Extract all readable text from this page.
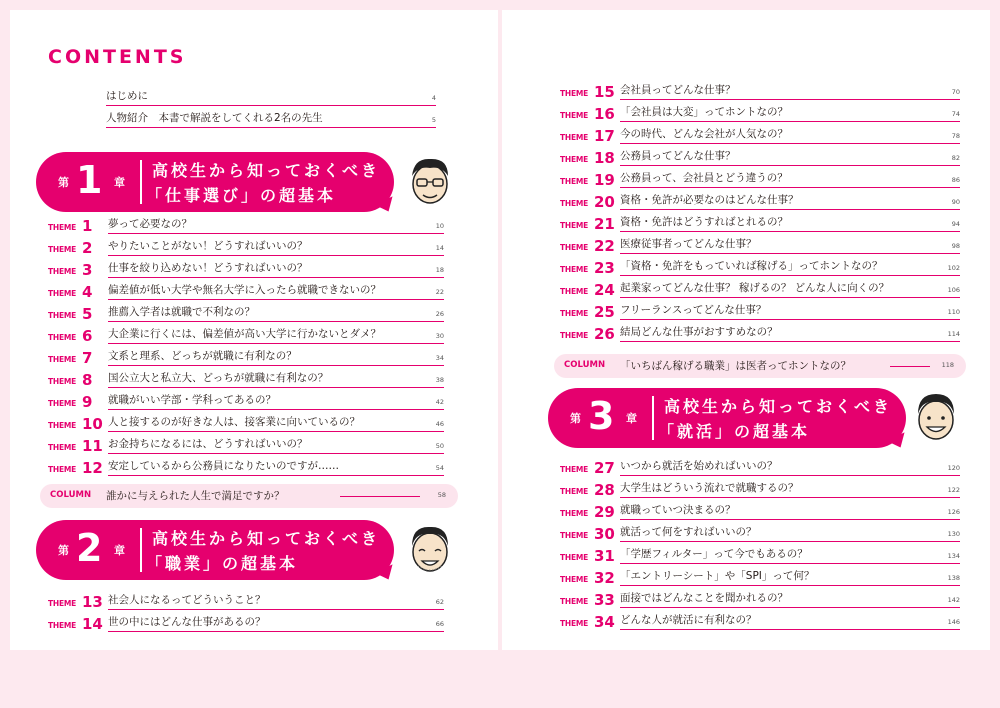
CONTENTS
はじめに	4
人物紹介　本書で解説をしてくれる2名の先生	5
第 1 章
高校生から知っておくべき
「仕事選び」の超基本
THEME 1	夢って必要なの？	10
THEME 2	やりたいことがない！どうすればいいの？	14
THEME 3	仕事を絞り込めない！どうすればいいの？	18
THEME 4	偏差値が低い大学や無名大学に入ったら就職できないの？	22
THEME 5	推薦入学者は就職で不利なの？	26
THEME 6	大企業に行くには、偏差値が高い大学に行かないとダメ？	30
THEME 7	文系と理系、どっちが就職に有利なの？	34
THEME 8	国公立大と私立大、どっちが就職に有利なの？	38
THEME 9	就職がいい学部・学科ってあるの？	42
THEME 10 人と接するのが好きな人は、接客業に向いているの？	46
THEME 11 お金持ちになるには、どうすればいいの？	50
THEME 12 安定しているから公務員になりたいのですが……	54
COLUMN 誰かに与えられた人生で満足ですか？	58
第 2 章
高校生から知っておくべき
「職業」の超基本
THEME 13 社会人になるってどういうこと？	62
THEME 14 世の中にはどんな仕事があるの？	66
THEME 15 会社員ってどんな仕事？	70
THEME 16 「会社員は大変」ってホントなの？	74
THEME 17 今の時代、どんな会社が人気なの？	78
THEME 18 公務員ってどんな仕事？	82
THEME 19 公務員って、会社員とどう違うの？	86
THEME 20 資格・免許が必要なのはどんな仕事？	90
THEME 21 資格・免許はどうすればとれるの？	94
THEME 22 医療従事者ってどんな仕事？	98
THEME 23 「資格・免許をもっていれば稼げる」ってホントなの？	102
THEME 24 起業家ってどんな仕事？ 稼げるの？ どんな人に向くの？	106
THEME 25 フリーランスってどんな仕事？	110
THEME 26 結局どんな仕事がおすすめなの？	114
COLUMN 「いちばん稼げる職業」は医者ってホントなの？	118
第 3 章
高校生から知っておくべき
「就活」の超基本
THEME 27 いつから就活を始めればいいの？	120
THEME 28 大学生はどういう流れで就職するの？	122
THEME 29 就職っていつ決まるの？	126
THEME 30 就活って何をすればいいの？	130
THEME 31 「学歴フィルター」って今でもあるの？	134
THEME 32 「エントリーシート」や「SPI」って何？	138
THEME 33 面接ではどんなことを聞かれるの？	142
THEME 34 どんな人が就活に有利なの？	146
